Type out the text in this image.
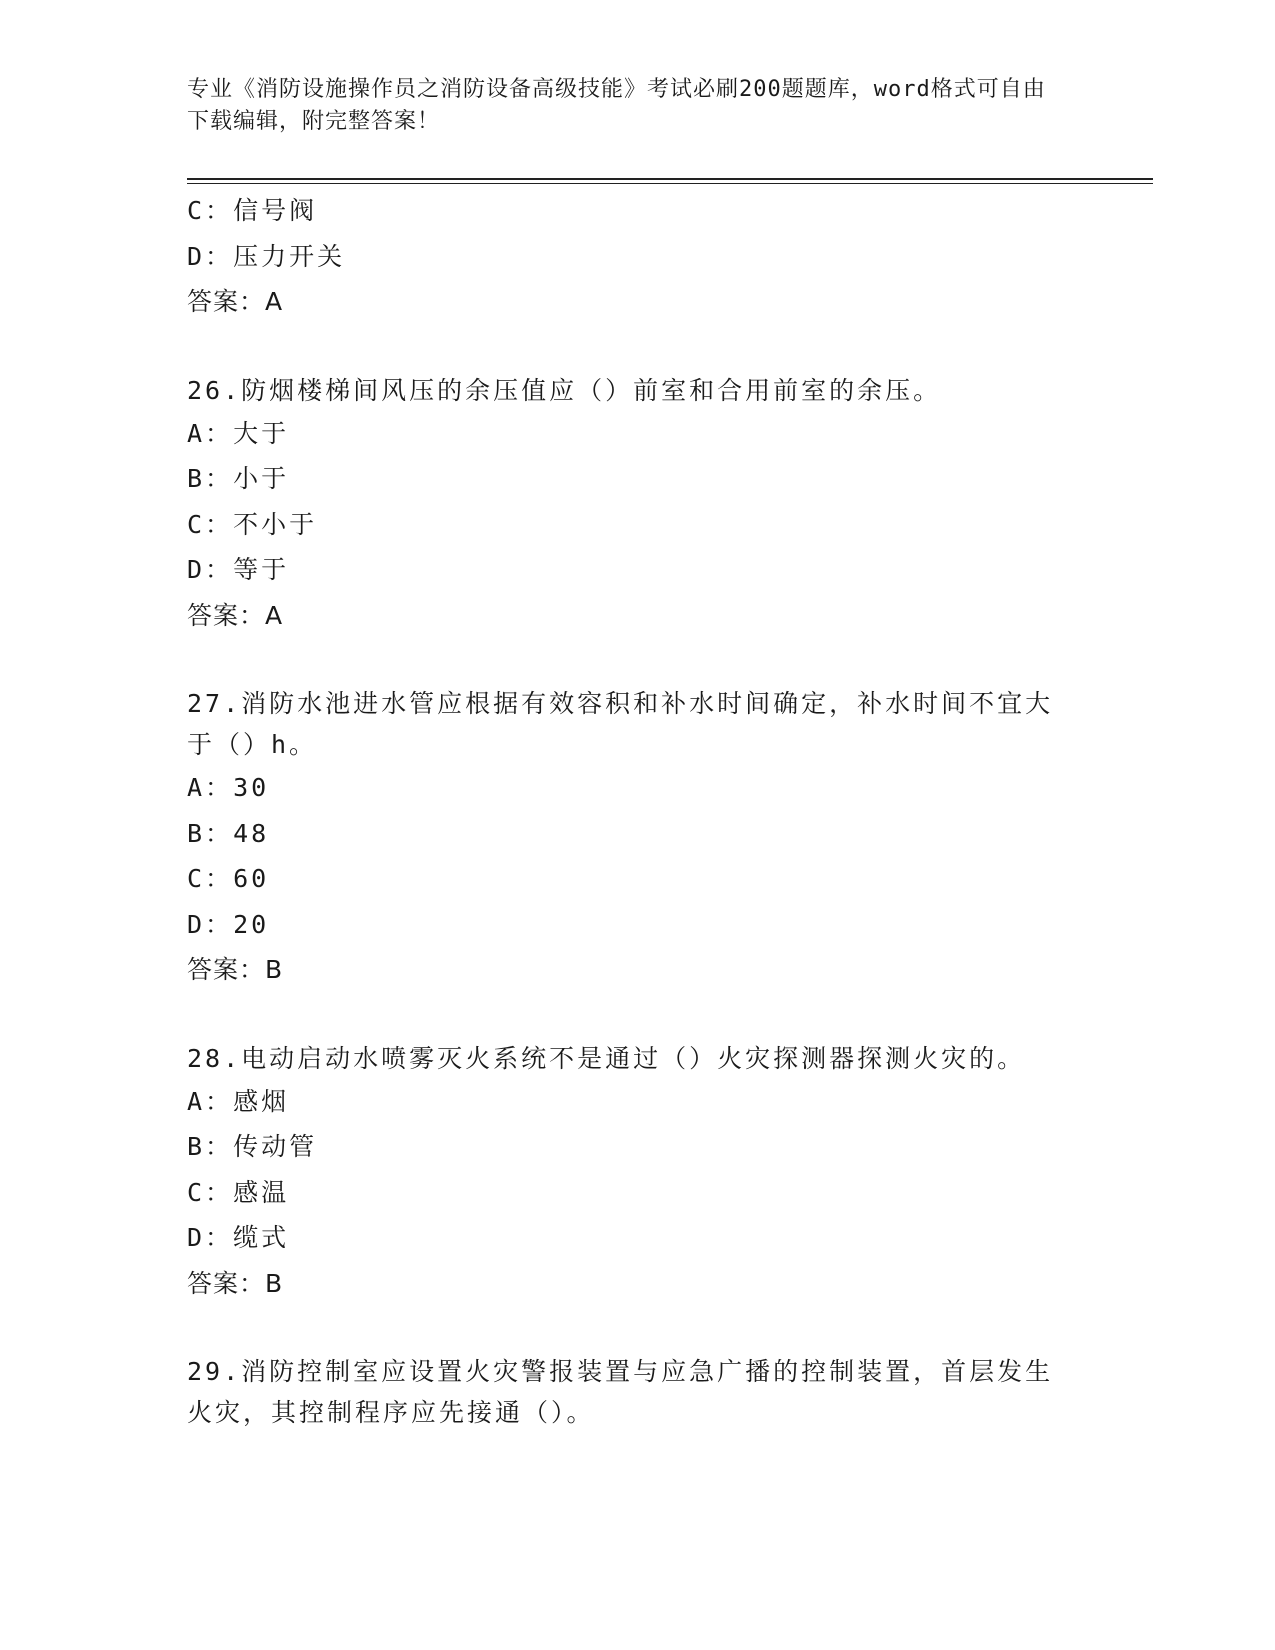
专业《消防设施操作员之消防设备高级技能》考试必刷200题题库，word格式可自由下载编辑，附完整答案！
C：信号阀
D：压力开关
答案：A
26.防烟楼梯间风压的余压值应（）前室和合用前室的余压。
A：大于
B：小于
C：不小于
D：等于
答案：A
27.消防水池进水管应根据有效容积和补水时间确定，补水时间不宜大于（）h。
A：30
B：48
C：60
D：20
答案：B
28.电动启动水喷雾灭火系统不是通过（）火灾探测器探测火灾的。
A：感烟
B：传动管
C：感温
D：缆式
答案：B
29.消防控制室应设置火灾警报装置与应急广播的控制装置，首层发生火灾，其控制程序应先接通（）。
